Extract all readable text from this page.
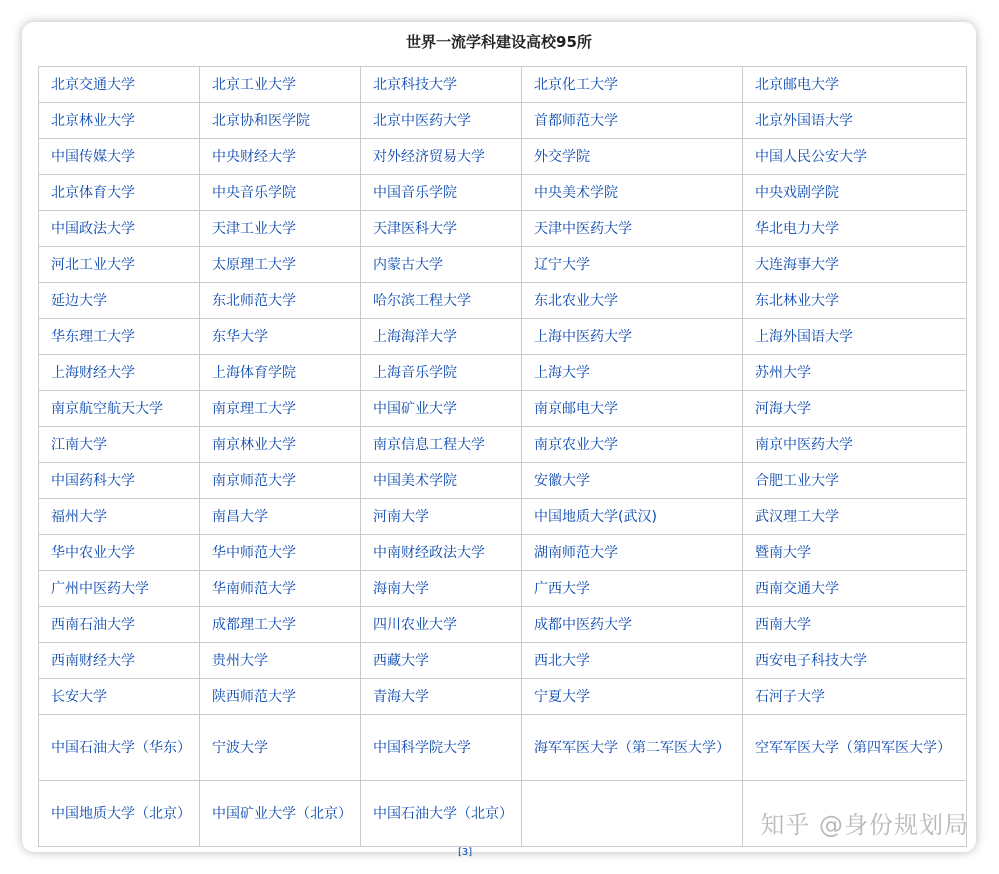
世界一流学科建设高校95所
北京交通大学	北京工业大学	北京科技大学	北京化工大学	北京邮电大学
北京林业大学	北京协和医学院	北京中医药大学	首都师范大学	北京外国语大学
中国传媒大学	中央财经大学	对外经济贸易大学	外交学院	中国人民公安大学
北京体育大学	中央音乐学院	中国音乐学院	中央美术学院	中央戏剧学院
中国政法大学	天津工业大学	天津医科大学	天津中医药大学	华北电力大学
河北工业大学	太原理工大学	内蒙古大学	辽宁大学	大连海事大学
延边大学	东北师范大学	哈尔滨工程大学	东北农业大学	东北林业大学
华东理工大学	东华大学	上海海洋大学	上海中医药大学	上海外国语大学
上海财经大学	上海体育学院	上海音乐学院	上海大学	苏州大学
南京航空航天大学	南京理工大学	中国矿业大学	南京邮电大学	河海大学
江南大学	南京林业大学	南京信息工程大学	南京农业大学	南京中医药大学
中国药科大学	南京师范大学	中国美术学院	安徽大学	合肥工业大学
福州大学	南昌大学	河南大学	中国地质大学(武汉)	武汉理工大学
华中农业大学	华中师范大学	中南财经政法大学	湖南师范大学	暨南大学
广州中医药大学	华南师范大学	海南大学	广西大学	西南交通大学
西南石油大学	成都理工大学	四川农业大学	成都中医药大学	西南大学
西南财经大学	贵州大学	西藏大学	西北大学	西安电子科技大学
长安大学	陕西师范大学	青海大学	宁夏大学	石河子大学
中国石油大学（华东）	宁波大学	中国科学院大学	海军军医大学（第二军医大学）	空军军医大学（第四军医大学）
中国地质大学（北京）	中国矿业大学（北京）	中国石油大学（北京）		
[3]
知乎 @身份规划局
